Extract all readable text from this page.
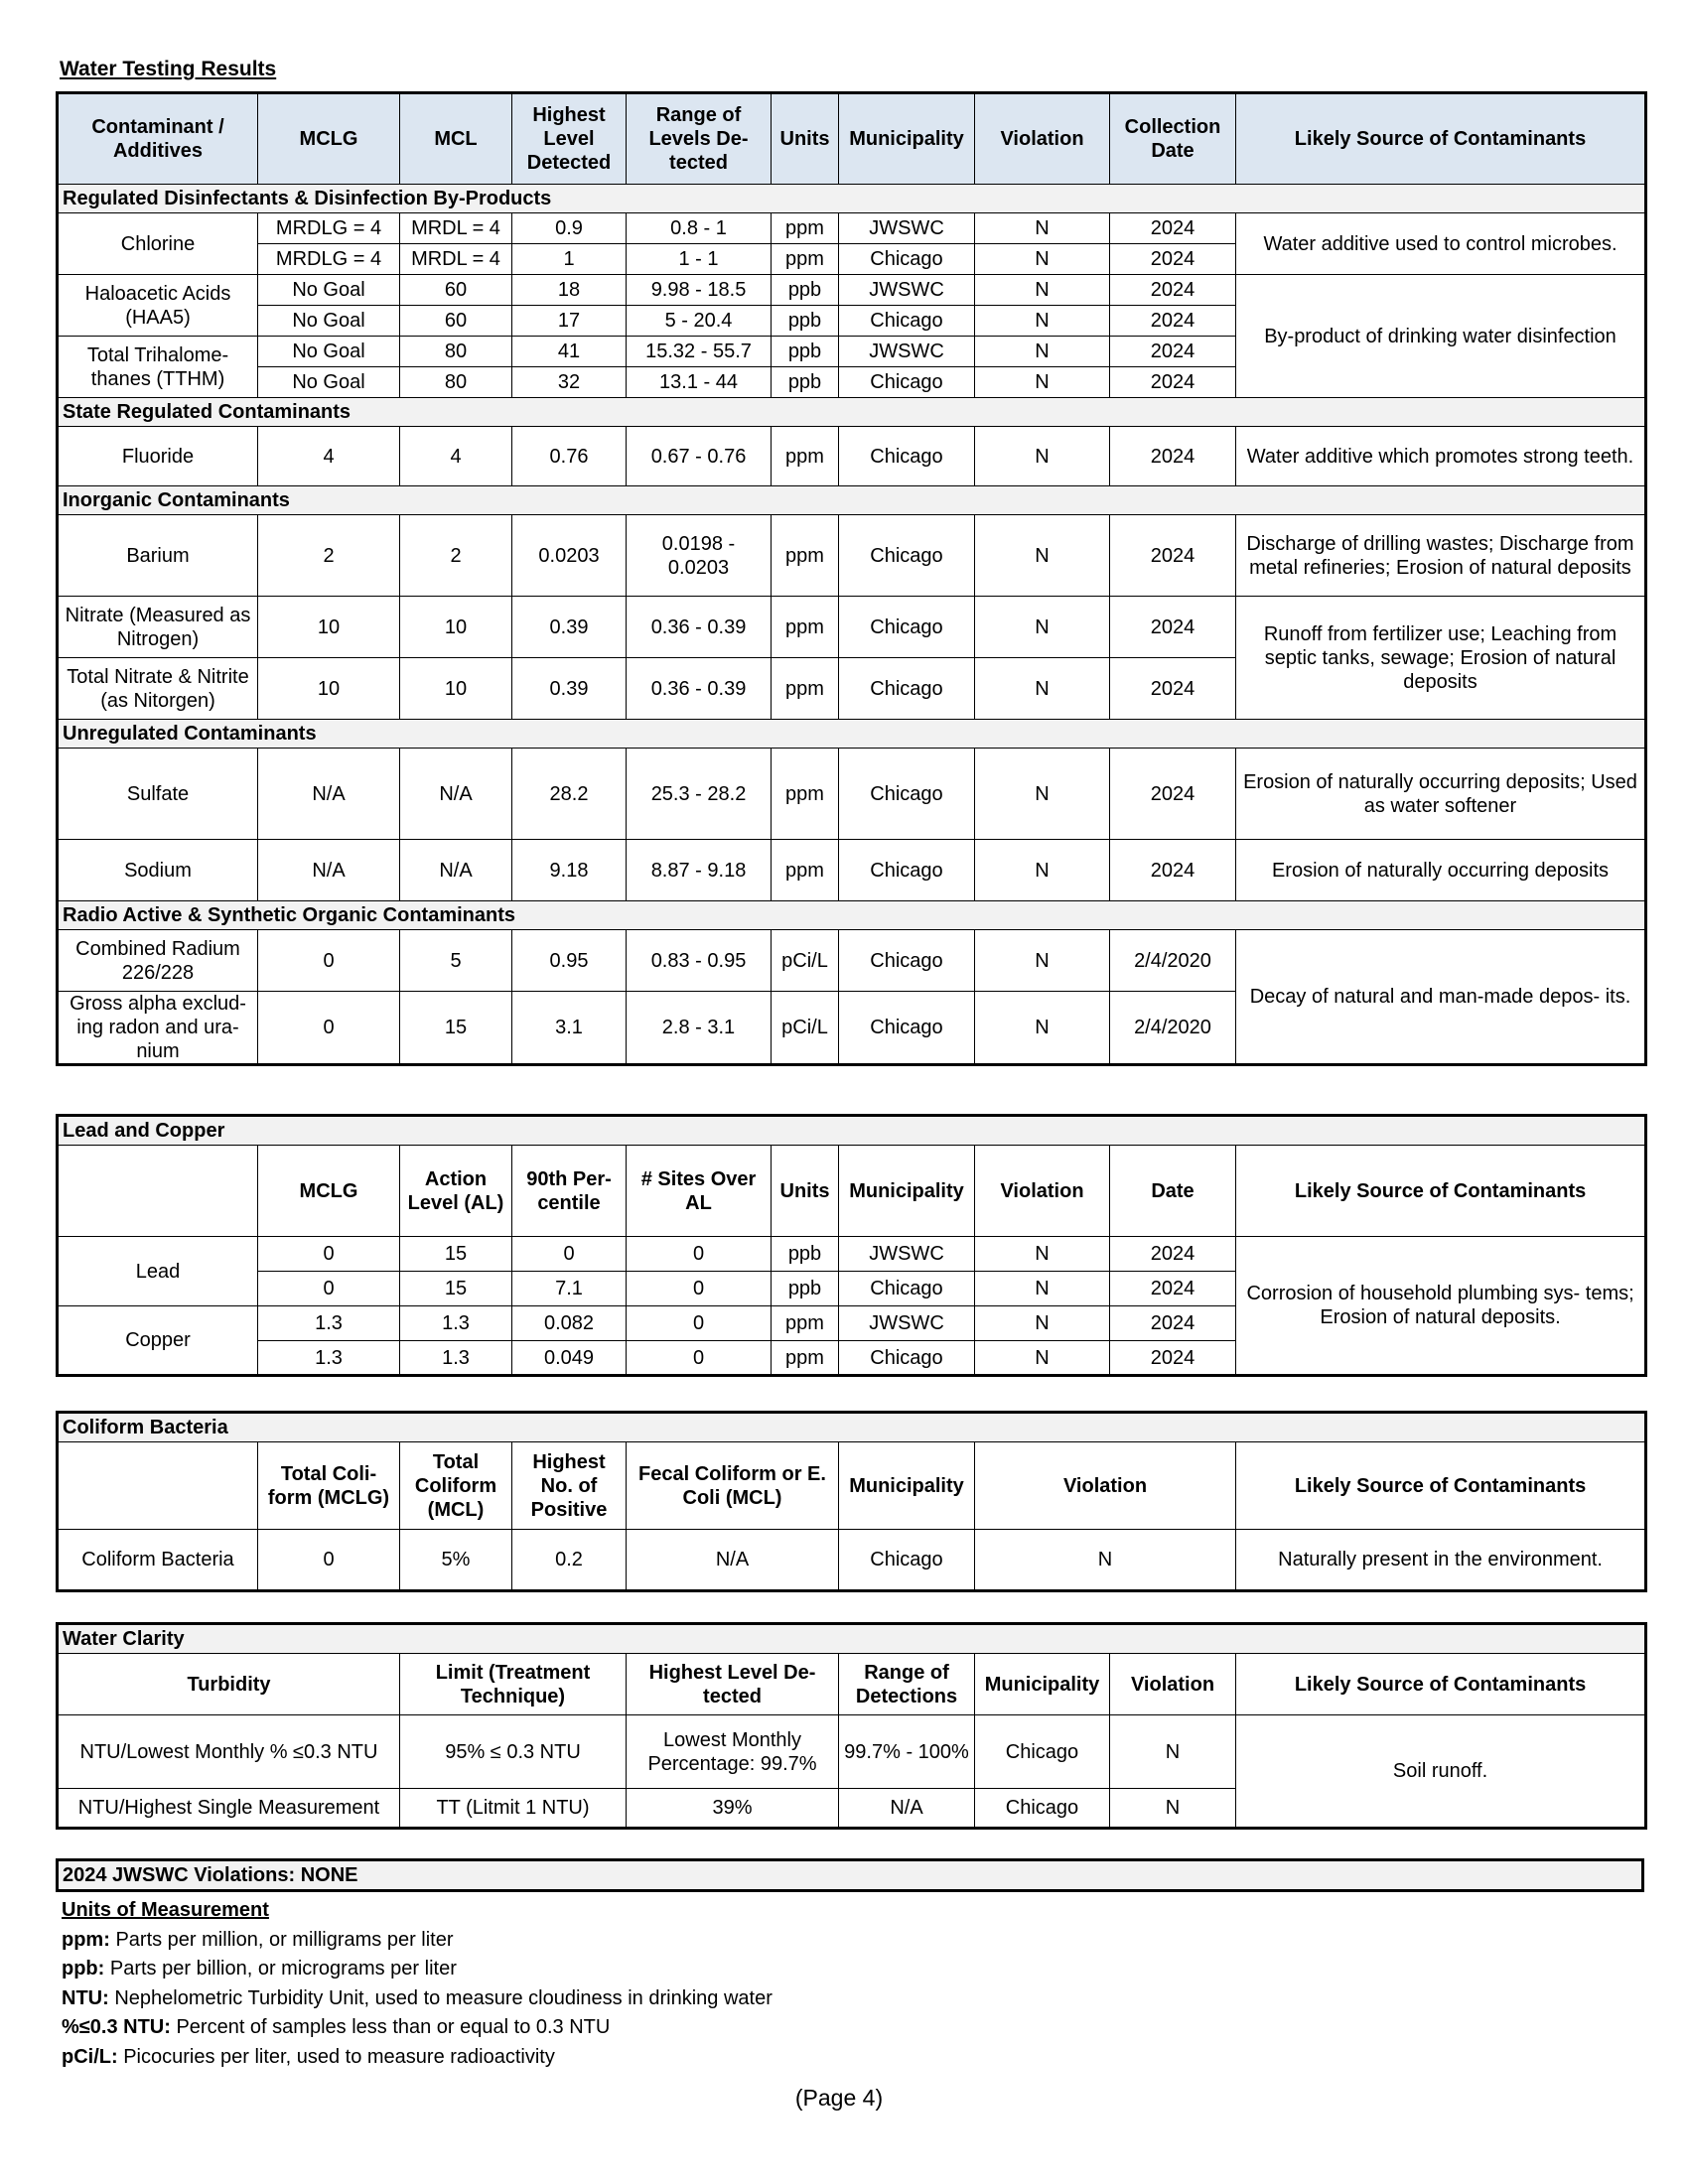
Water Testing Results
Contaminant / Additives	MCLG	MCL	Highest Level Detected	Range of Levels De- tected	Units	Municipality	Violation	Collection Date	Likely Source of Contaminants
Regulated Disinfectants & Disinfection By-Products									
Chlorine	MRDLG = 4	MRDL = 4	0.9	0.8 - 1	ppm	JWSWC	N	2024	Water additive used to control microbes.
	MRDLG = 4	MRDL = 4	1	1 - 1	ppm	Chicago	N	2024	
Haloacetic Acids (HAA5)	No Goal	60	18	9.98 - 18.5	ppb	JWSWC	N	2024	By-product of drinking water disinfection
	No Goal	60	17	5 - 20.4	ppb	Chicago	N	2024	
Total Trihalome- thanes (TTHM)	No Goal	80	41	15.32 - 55.7	ppb	JWSWC	N	2024	
	No Goal	80	32	13.1 - 44	ppb	Chicago	N	2024	
State Regulated Contaminants									
Fluoride	4	4	0.76	0.67 - 0.76	ppm	Chicago	N	2024	Water additive which promotes strong teeth.
Inorganic Contaminants									
Barium	2	2	0.0203	0.0198 - 0.0203	ppm	Chicago	N	2024	Discharge of drilling wastes; Discharge from metal refineries; Erosion of natural deposits
Nitrate (Measured as Nitrogen)	10	10	0.39	0.36 - 0.39	ppm	Chicago	N	2024	Runoff from fertilizer use; Leaching from septic tanks, sewage; Erosion of natural deposits
Total Nitrate & Nitrite (as Nitorgen)	10	10	0.39	0.36 - 0.39	ppm	Chicago	N	2024	
Unregulated Contaminants									
Sulfate	N/A	N/A	28.2	25.3 - 28.2	ppm	Chicago	N	2024	Erosion of naturally occurring deposits; Used as water softener
Sodium	N/A	N/A	9.18	8.87 - 9.18	ppm	Chicago	N	2024	Erosion of naturally occurring deposits
Radio Active & Synthetic Organic Contaminants									
Combined Radium 226/228	0	5	0.95	0.83 - 0.95	pCi/L	Chicago	N	2/4/2020	Decay of natural and man-made depos- its.
Gross alpha exclud- ing radon and ura- nium	0	15	3.1	2.8 - 3.1	pCi/L	Chicago	N	2/4/2020	
Lead and Copper									
	MCLG	Action Level (AL)	90th Per- centile	# Sites Over AL	Units	Municipality	Violation	Date	Likely Source of Contaminants
Lead	0	15	0	0	ppb	JWSWC	N	2024	Corrosion of household plumbing sys- tems; Erosion of natural deposits.
	0	15	7.1	0	ppb	Chicago	N	2024	
Copper	1.3	1.3	0.082	0	ppm	JWSWC	N	2024	
	1.3	1.3	0.049	0	ppm	Chicago	N	2024	
Coliform Bacteria							
	Total Coli- form (MCLG)	Total Coliform (MCL)	Highest No. of Positive	Fecal Coliform or E. Coli (MCL)	Municipality	Violation	Likely Source of Contaminants
Coliform Bacteria	0	5%	0.2	N/A	Chicago	N	Naturally present in the environment.
Water Clarity						
Turbidity	Limit (Treatment Technique)	Highest Level De- tected	Range of Detections	Municipality	Violation	Likely Source of Contaminants
NTU/Lowest Monthly % ≤0.3 NTU	95% ≤ 0.3 NTU	Lowest Monthly Percentage: 99.7%	99.7% - 100%	Chicago	N	Soil runoff.
NTU/Highest Single Measurement	TT (Litmit 1 NTU)	39%	N/A	Chicago	N	
2024 JWSWC Violations: NONE
Units of Measurement
ppm: Parts per million, or milligrams per liter
ppb: Parts per billion, or micrograms per liter
NTU: Nephelometric Turbidity Unit, used to measure cloudiness in drinking water
%≤0.3 NTU: Percent of samples less than or equal to 0.3 NTU
pCi/L: Picocuries per liter, used to measure radioactivity
(Page 4)
